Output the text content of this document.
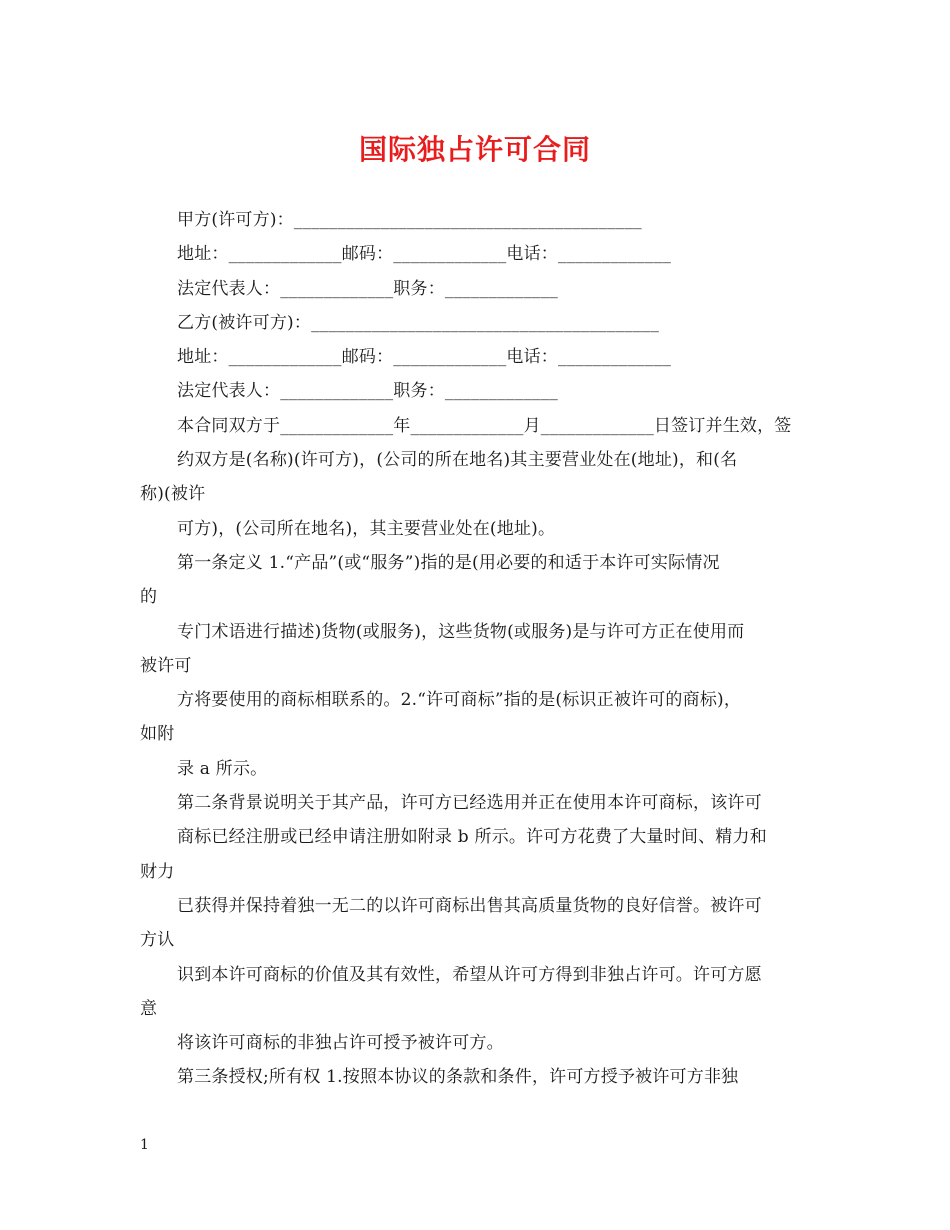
国际独占许可合同
甲方(许可方)：________________________________________
地址：_____________邮码：_____________电话：_____________
法定代表人：_____________职务：_____________
乙方(被许可方)：________________________________________
地址：_____________邮码：_____________电话：_____________
法定代表人：_____________职务：_____________
本合同双方于_____________年_____________月_____________日签订并生效，签
约双方是(名称)(许可方)，(公司的所在地名)其主要营业处在(地址)，和(名
称)(被许
可方)，(公司所在地名)，其主要营业处在(地址)。
第一条定义 1.“产品”(或“服务”)指的是(用必要的和适于本许可实际情况
的
专门术语进行描述)货物(或服务)，这些货物(或服务)是与许可方正在使用而
被许可
方将要使用的商标相联系的。2.“许可商标”指的是(标识正被许可的商标)，
如附
录 a 所示。
第二条背景说明关于其产品，许可方已经选用并正在使用本许可商标，该许可
商标已经注册或已经申请注册如附录 b 所示。许可方花费了大量时间、精力和
财力
已获得并保持着独一无二的以许可商标出售其高质量货物的良好信誉。被许可
方认
识到本许可商标的价值及其有效性，希望从许可方得到非独占许可。许可方愿
意
将该许可商标的非独占许可授予被许可方。
第三条授权;所有权 1.按照本协议的条款和条件，许可方授予被许可方非独
1
